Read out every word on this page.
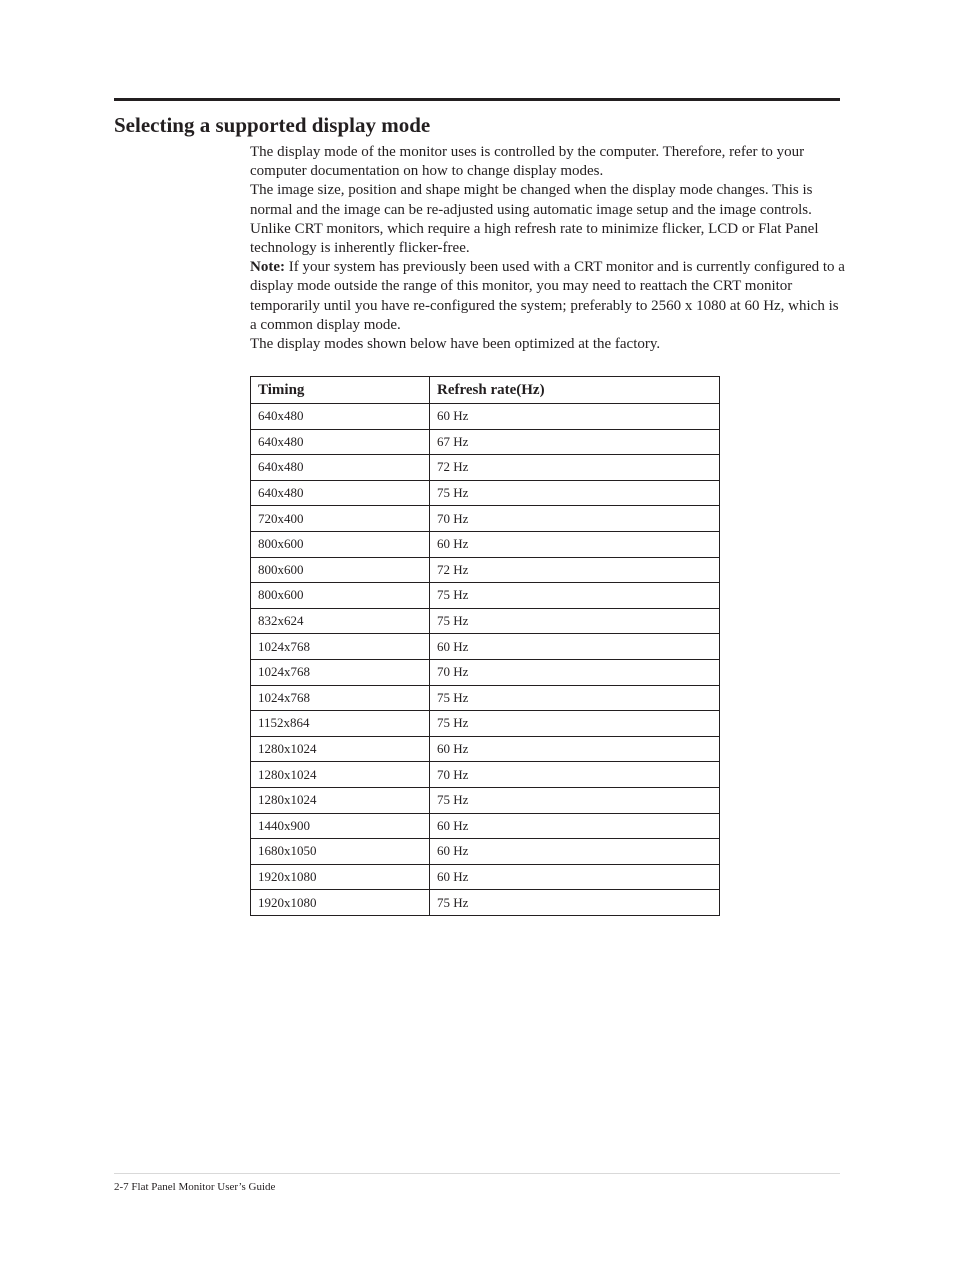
Selecting a supported display mode

The display mode of the monitor uses is controlled by the computer. Therefore, refer to your computer documentation on how to change display modes.

The image size, position and shape might be changed when the display mode changes. This is normal and the image can be re-adjusted using automatic image setup and the image controls. Unlike CRT monitors, which require a high refresh rate to minimize flicker, LCD or Flat Panel technology is inherently flicker-free.

Note: If your system has previously been used with a CRT monitor and is currently configured to a display mode outside the range of this monitor, you may need to reattach the CRT monitor temporarily until you have re-configured the system; preferably to 2560 x 1080 at 60 Hz, which is a common display mode.

The display modes shown below have been optimized at the factory.

Timing	Refresh rate(Hz)
640x480	60 Hz
640x480	67 Hz
640x480	72 Hz
640x480	75 Hz
720x400	70 Hz
800x600	60 Hz
800x600	72 Hz
800x600	75 Hz
832x624	75 Hz
1024x768	60 Hz
1024x768	70 Hz
1024x768	75 Hz
1152x864	75 Hz
1280x1024	60 Hz
1280x1024	70 Hz
1280x1024	75 Hz
1440x900	60 Hz
1680x1050	60 Hz
1920x1080	60 Hz
1920x1080	75 Hz
2-7 Flat Panel Monitor User’s Guide
